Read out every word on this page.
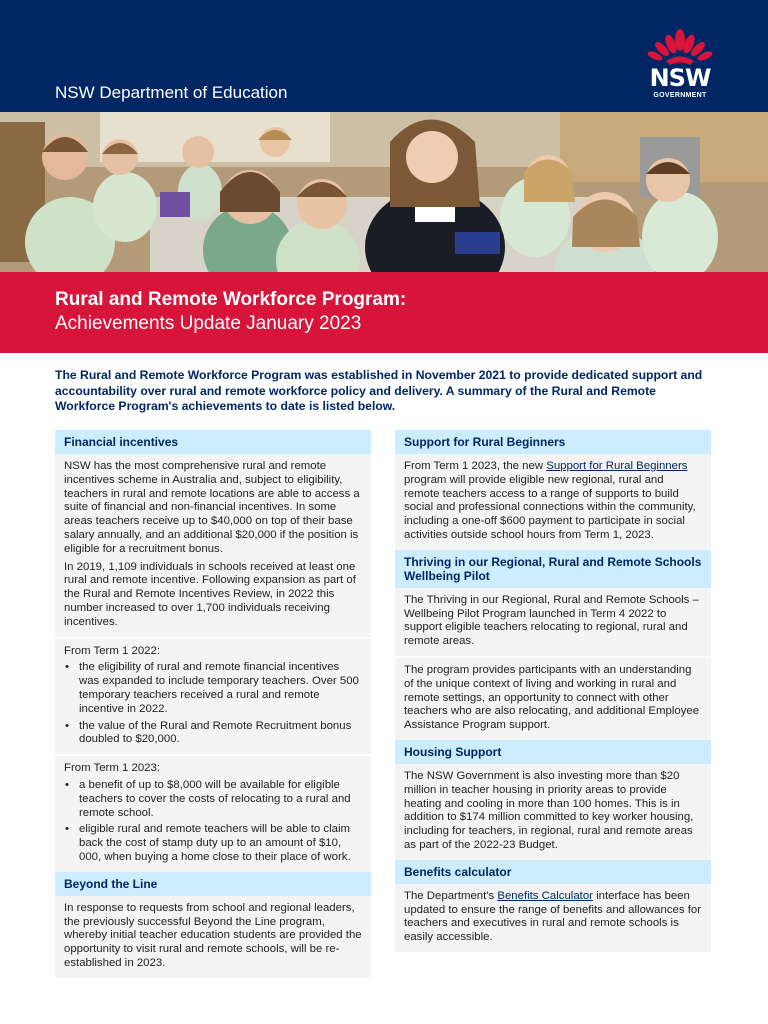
NSW Department of Education
NSW
GOVERNMENT
Rural and Remote Workforce Program:
Achievements Update January 2023
The Rural and Remote Workforce Program was established in November 2021 to provide dedicated support and accountability over rural and remote workforce policy and delivery. A summary of the Rural and Remote Workforce Program's achievements to date is listed below.
Financial incentives

NSW has the most comprehensive rural and remote incentives scheme in Australia and, subject to eligibility, teachers in rural and remote locations are able to access a suite of financial and non-financial incentives. In some areas teachers receive up to $40,000 on top of their base salary annually, and an additional $20,000 if the position is eligible for a recruitment bonus.

In 2019, 1,109 individuals in schools received at least one rural and remote incentive. Following expansion as part of the Rural and Remote Incentives Review, in 2022 this number increased to over 1,700 individuals receiving incentives.

From Term 1 2022:

• the eligibility of rural and remote financial incentives was expanded to include temporary teachers. Over 500 temporary teachers received a rural and remote incentive in 2022.
• the value of the Rural and Remote Recruitment bonus doubled to $20,000.

From Term 1 2023:

• a benefit of up to $8,000 will be available for eligible teachers to cover the costs of relocating to a rural and remote school.
• eligible rural and remote teachers will be able to claim back the cost of stamp duty up to an amount of $10, 000, when buying a home close to their place of work.
Beyond the Line

In response to requests from school and regional leaders, the previously successful Beyond the Line program, whereby initial teacher education students are provided the opportunity to visit rural and remote schools, will be re-established in 2023.

Support for Rural Beginners

From Term 1 2023, the new Support for Rural Beginners program will provide eligible new regional, rural and remote teachers access to a range of supports to build social and professional connections within the community, including a one-off $600 payment to participate in social activities outside school hours from Term 1, 2023.

Thriving in our Regional, Rural and Remote Schools Wellbeing Pilot

The Thriving in our Regional, Rural and Remote Schools – Wellbeing Pilot Program launched in Term 4 2022 to support eligible teachers relocating to regional, rural and remote areas.

The program provides participants with an understanding of the unique context of living and working in rural and remote settings, an opportunity to connect with other teachers who are also relocating, and additional Employee Assistance Program support.

Housing Support

The NSW Government is also investing more than $20 million in teacher housing in priority areas to provide heating and cooling in more than 100 homes. This is in addition to $174 million committed to key worker housing, including for teachers, in regional, rural and remote areas as part of the 2022-23 Budget.

Benefits calculator

The Department's Benefits Calculator interface has been updated to ensure the range of benefits and allowances for teachers and executives in rural and remote schools is easily accessible.
